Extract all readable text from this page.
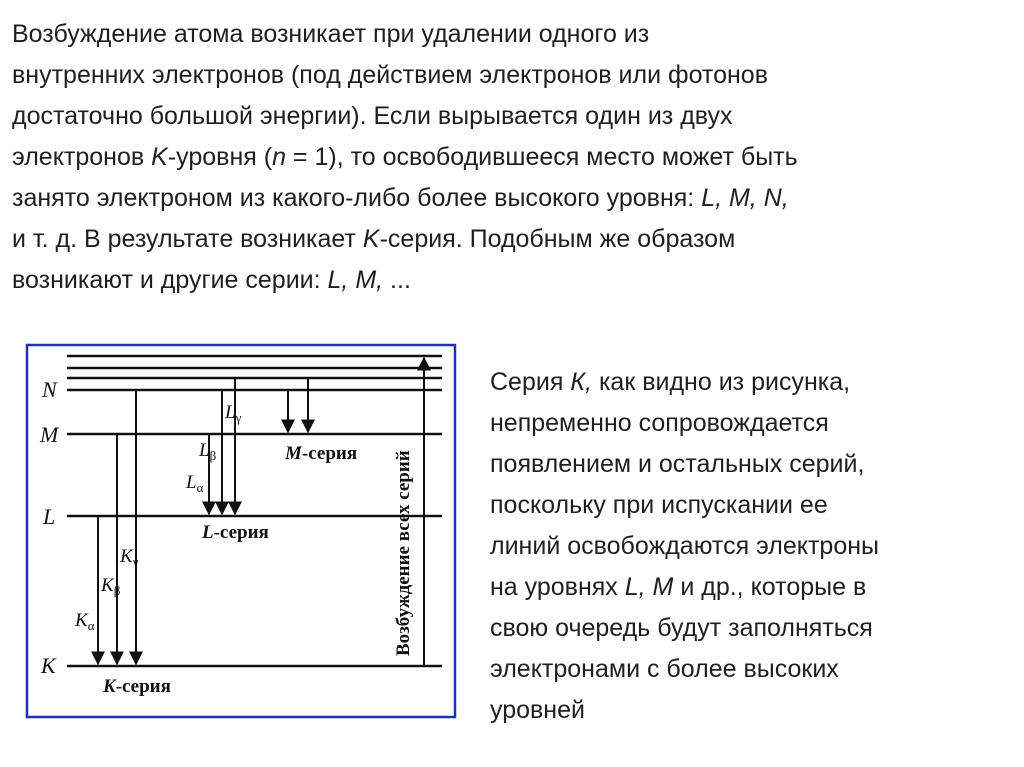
Возбуждение атома возникает при удалении одного из
внутренних электронов (под действием электронов или фотонов
достаточно большой энергии). Если вырывается один из двух
электронов K-уровня (n = 1), то освободившееся место может быть
занято электроном из какого-либо более высокого уровня: L, M, N,
и т. д. В результате возникает K-серия. Подобным же образом
возникают и другие серии: L, M, ...

N
M
L
K
$K_\alpha$
$K_\beta$
$K_\gamma$
$L_\alpha$
$L_\beta$
$L_\gamma$
M-серия
L-серия
K-серия
Возбуждение всех серий

Серия К, как видно из рисунка,
непременно сопровождается
появлением и остальных серий,
поскольку при испускании ее
линий освобождаются электроны
на уровнях L, M и др., которые в
свою очередь будут заполняться
электронами с более высоких
уровней
